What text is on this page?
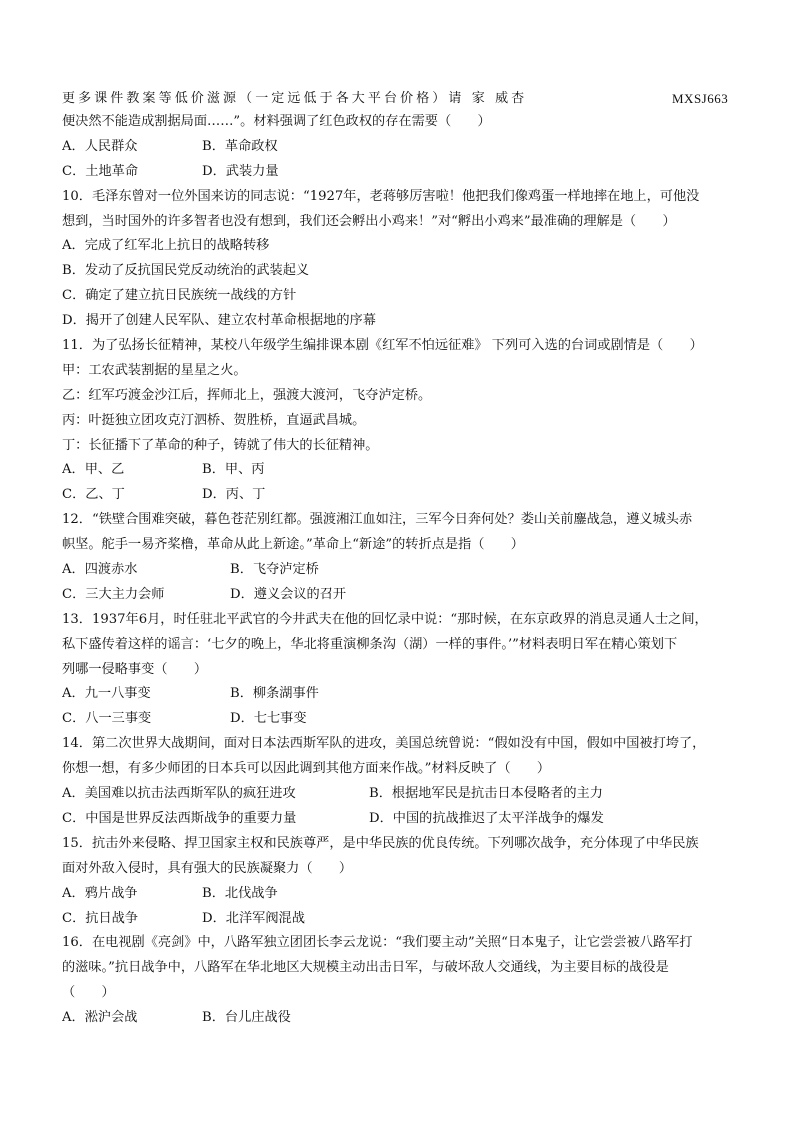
更多课件教案等低价滋源（一定远低于各大平台价格）请 家 威杏	MXSJ663
便决然不能造成割据局面……”。材料强调了红色政权的存在需要（　　）
A．人民群众	B．革命政权
C．土地革命	D．武装力量
10．毛泽东曾对一位外国来访的同志说：“1927年，老蒋够厉害啦！他把我们像鸡蛋一样地摔在地上，可他没
想到，当时国外的许多智者也没有想到，我们还会孵出小鸡来！”对“孵出小鸡来”最准确的理解是（　　）
A．完成了红军北上抗日的战略转移
B．发动了反抗国民党反动统治的武装起义
C．确定了建立抗日民族统一战线的方针
D．揭开了创建人民军队、建立农村革命根据地的序幕
11．为了弘扬长征精神，某校八年级学生编排课本剧《红军不怕远征难》 下列可入选的台词或剧情是（　　）
甲：工农武装割据的星星之火。
乙：红军巧渡金沙江后，挥师北上，强渡大渡河，飞夺泸定桥。
丙：叶挺独立团攻克汀泗桥、贺胜桥，直逼武昌城。
丁：长征播下了革命的种子，铸就了伟大的长征精神。
A．甲、乙	B．甲、丙
C．乙、丁	D．丙、丁
12．“铁壁合围难突破，暮色苍茫别红都。强渡湘江血如注，三军今日奔何处？娄山关前鏖战急，遵义城头赤
帜坚。舵手一易齐桨橹，革命从此上新途。”革命上“新途”的转折点是指（　　）
A．四渡赤水	B．飞夺泸定桥
C．三大主力会师	D．遵义会议的召开
13．1937年6月，时任驻北平武官的今井武夫在他的回忆录中说：“那时候，在东京政界的消息灵通人士之间，
私下盛传着这样的谣言：‘七夕的晚上，华北将重演柳条沟（湖）一样的事件。’”材料表明日军在精心策划下
列哪一侵略事变（　　）
A．九一八事变	B．柳条湖事件
C．八一三事变	D．七七事变
14．第二次世界大战期间，面对日本法西斯军队的进攻，美国总统曾说：“假如没有中国，假如中国被打垮了，
你想一想，有多少师团的日本兵可以因此调到其他方面来作战。”材料反映了（　　）
A．美国难以抗击法西斯军队的疯狂进攻	B．根据地军民是抗击日本侵略者的主力
C．中国是世界反法西斯战争的重要力量	D．中国的抗战推迟了太平洋战争的爆发
15．抗击外来侵略、捍卫国家主权和民族尊严，是中华民族的优良传统。下列哪次战争，充分体现了中华民族
面对外敌入侵时，具有强大的民族凝聚力（　　）
A．鸦片战争	B．北伐战争
C．抗日战争	D．北洋军阀混战
16．在电视剧《亮剑》中，八路军独立团团长李云龙说：“我们要主动”关照“日本鬼子，让它尝尝被八路军打
的滋味。”抗日战争中，八路军在华北地区大规模主动出击日军，与破坏敌人交通线，为主要目标的战役是
（　　）
A．淞沪会战	B．台儿庄战役
